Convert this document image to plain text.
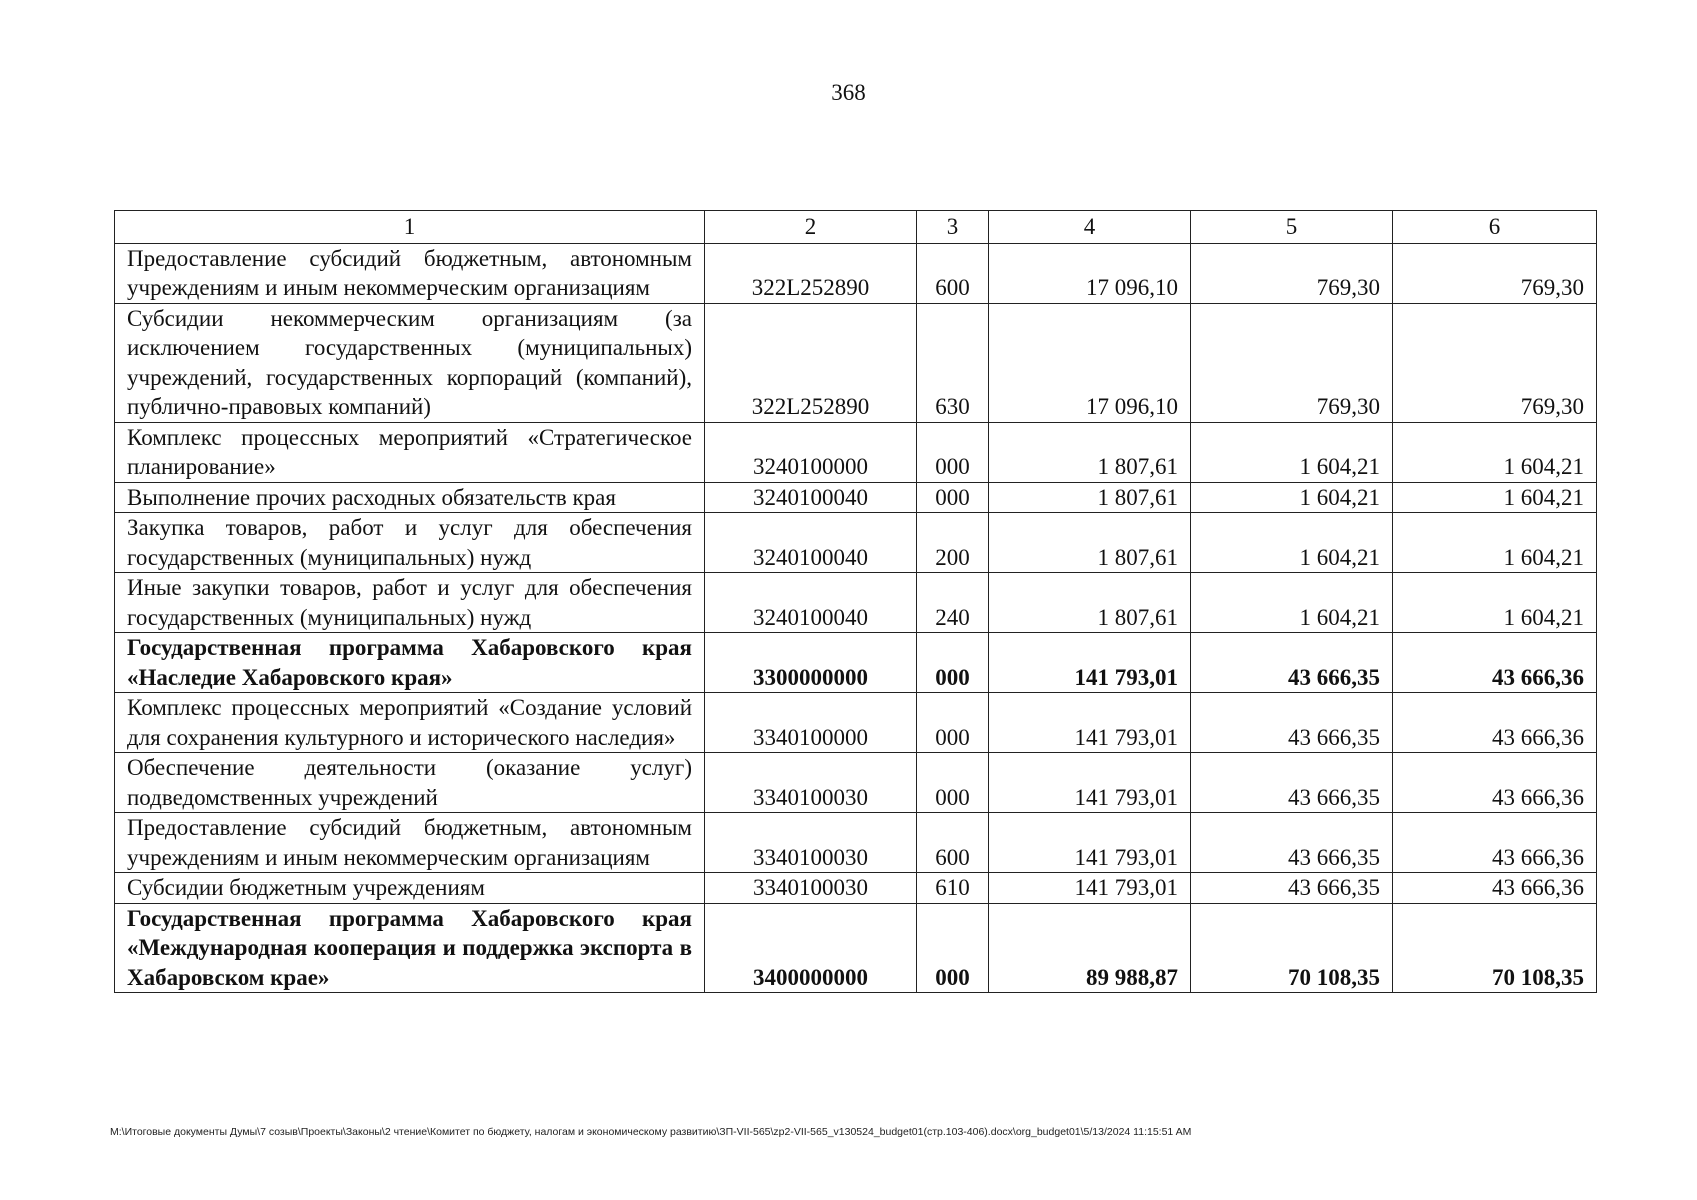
368
1	2	3	4	5	6
Предоставление субсидий бюджетным, автономным учреждениям и иным некоммерческим организациям	322L252890	600	17 096,10	769,30	769,30
Субсидии некоммерческим организациям (за исключением государственных (муниципальных) учреждений, государственных корпораций (компаний), публично-правовых компаний)	322L252890	630	17 096,10	769,30	769,30
Комплекс процессных мероприятий «Стратегическое планирование»	3240100000	000	1 807,61	1 604,21	1 604,21
Выполнение прочих расходных обязательств края	3240100040	000	1 807,61	1 604,21	1 604,21
Закупка товаров, работ и услуг для обеспечения государственных (муниципальных) нужд	3240100040	200	1 807,61	1 604,21	1 604,21
Иные закупки товаров, работ и услуг для обеспечения государственных (муниципальных) нужд	3240100040	240	1 807,61	1 604,21	1 604,21
Государственная программа Хабаровского края «Наследие Хабаровского края»	3300000000	000	141 793,01	43 666,35	43 666,36
Комплекс процессных мероприятий «Создание условий для сохранения культурного и исторического наследия»	3340100000	000	141 793,01	43 666,35	43 666,36
Обеспечение деятельности (оказание услуг) подведомственных учреждений	3340100030	000	141 793,01	43 666,35	43 666,36
Предоставление субсидий бюджетным, автономным учреждениям и иным некоммерческим организациям	3340100030	600	141 793,01	43 666,35	43 666,36
Субсидии бюджетным учреждениям	3340100030	610	141 793,01	43 666,35	43 666,36
Государственная программа Хабаровского края «Международная кооперация и поддержка экспорта в Хабаровском крае»	3400000000	000	89 988,87	70 108,35	70 108,35
M:\Итоговые документы Думы\7 созыв\Проекты\Законы\2 чтение\Комитет по бюджету, налогам и экономическому развитию\ЗП-VII-565\zp2-VII-565_v130524_budget01(стр.103-406).docx\org_budget01\5/13/2024 11:15:51 AM
